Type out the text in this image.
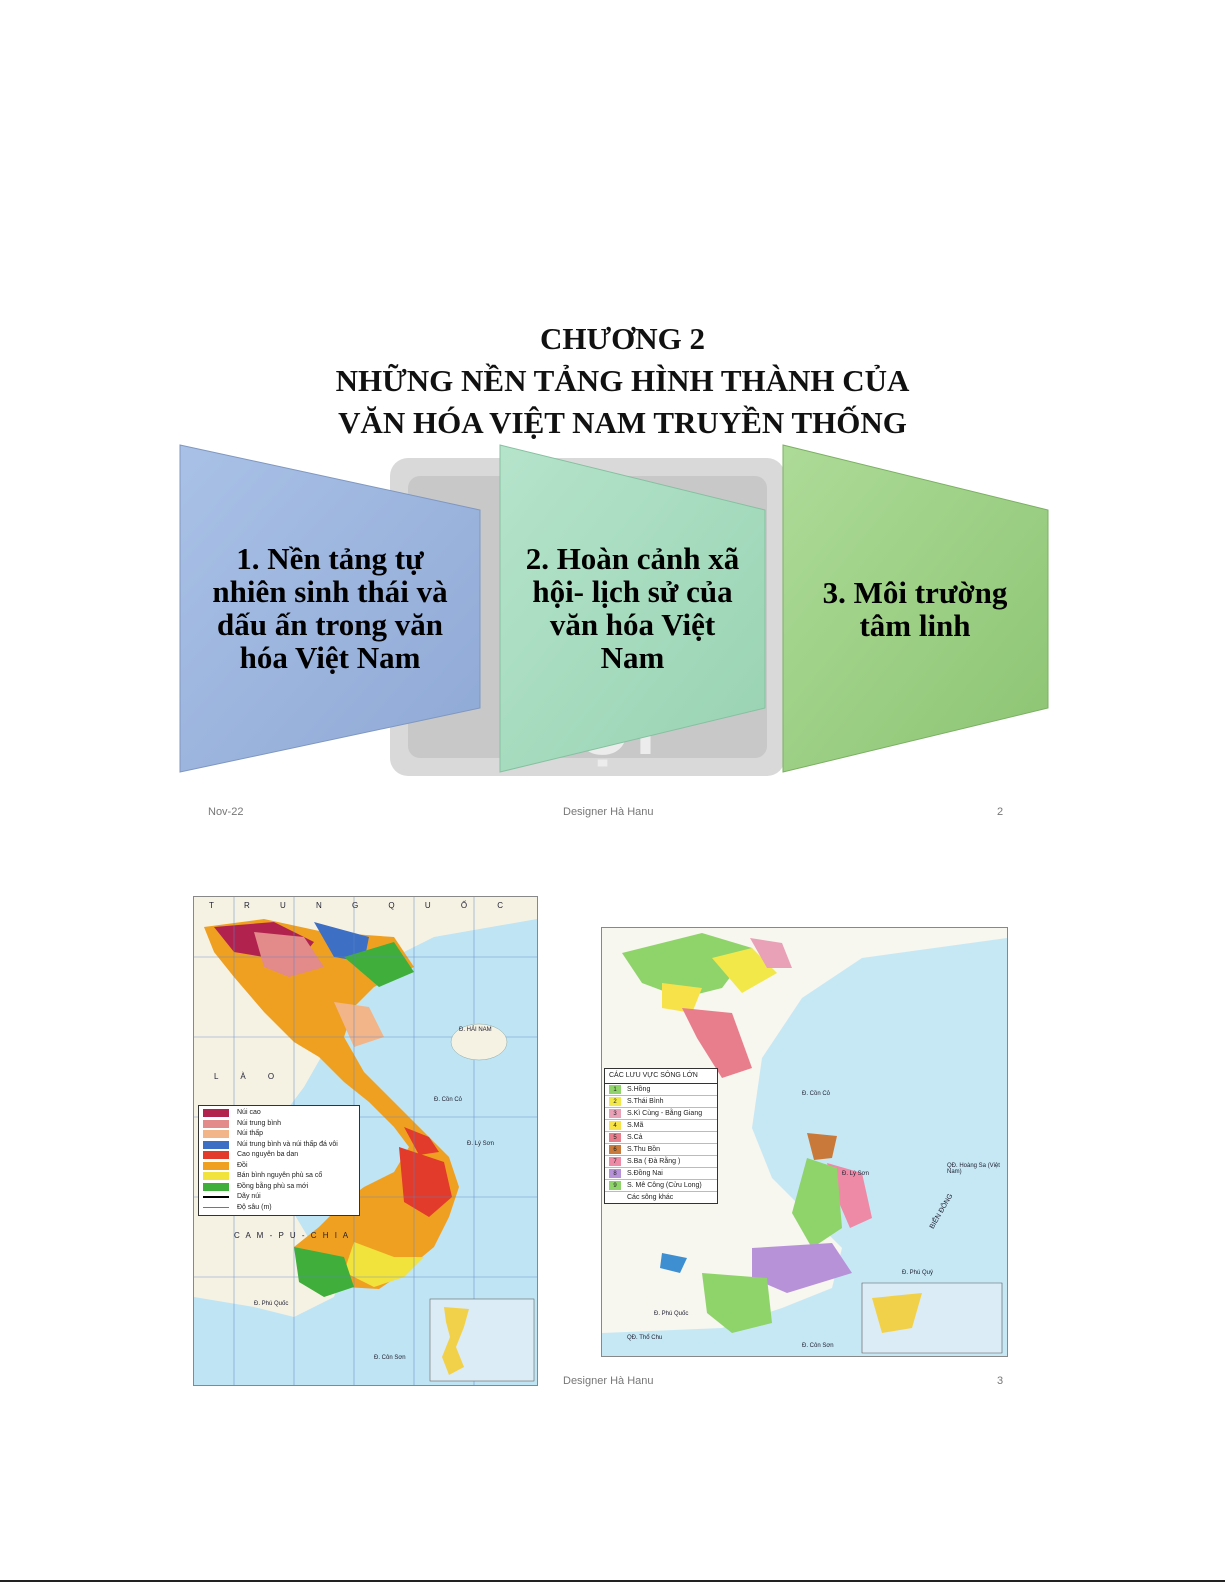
CHƯƠNG 2
NHỮNG NỀN TẢNG HÌNH THÀNH CỦA
VĂN HÓA VIỆT NAM TRUYỀN THỐNG
1. Nền tảng tự
nhiên sinh thái và
dấu ấn trong văn
hóa Việt Nam
2. Hoàn cảnh xã
hội- lịch sử của
văn hóa Việt
Nam
3. Môi trường
tâm linh
Nov-22	Designer Hà Hanu	2
T R U N G Q U Ố C
L À O
C A M - P U - C H I A
Đ. HẢI NAM
Đ. Cồn Cỏ
Đ. Lý Sơn
Đ. Phú Quốc
Đ. Côn Sơn
Núi cao
Núi trung bình
Núi thấp
Núi trung bình và núi thấp đá vôi
Cao nguyên ba dan
Đồi
Bán bình nguyên phù sa cổ
Đồng bằng phù sa mới
Dãy núi
Độ sâu (m)
CÁC LƯU VỰC SÔNG LỚN
1	S.Hồng
2	S.Thái Bình
3	S.Kì Cùng - Bằng Giang
4	S.Mã
5	S.Cả
6	S.Thu Bồn
7	S.Ba ( Đà Rằng )
8	S.Đồng Nai
9	S. Mê Công (Cửu Long)
Các sông khác
Đ. Cồn Cỏ
Đ. Lý Sơn
QĐ. Hoàng Sa (Việt Nam)
BIỂN ĐÔNG
Đ. Phú Quý
Đ. Phú Quốc
QĐ. Thổ Chu
Đ. Côn Sơn
Designer Hà Hanu	3
